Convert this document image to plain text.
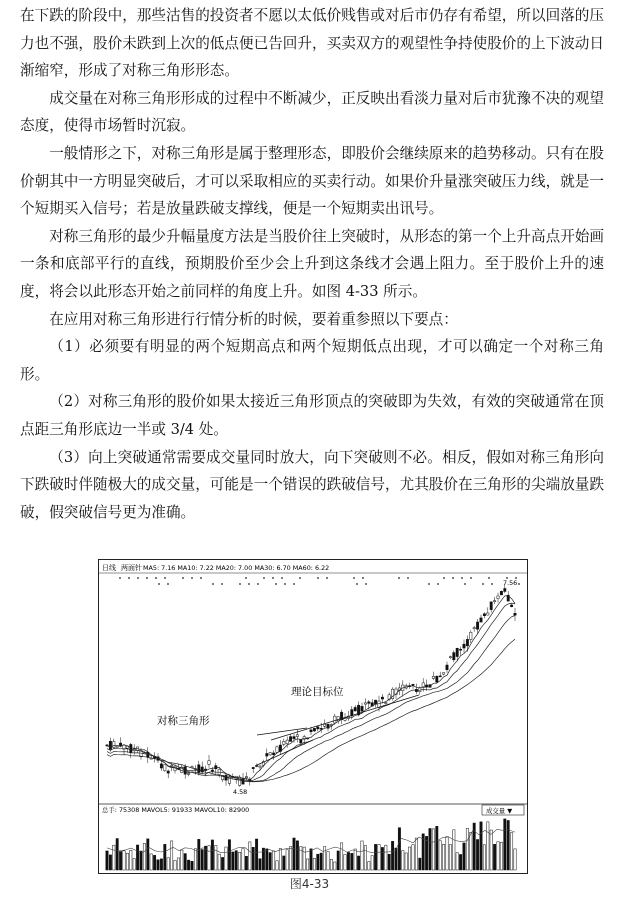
在下跌的阶段中，那些沽售的投资者不愿以太低价贱售或对后市仍存有希望，所以回落的压力也不强，股价未跌到上次的低点便已告回升，买卖双方的观望性争持使股价的上下波动日渐缩窄，形成了对称三角形形态。

成交量在对称三角形形成的过程中不断减少，正反映出看淡力量对后市犹豫不决的观望态度，使得市场暂时沉寂。

一般情形之下，对称三角形是属于整理形态，即股价会继续原来的趋势移动。只有在股价朝其中一方明显突破后，才可以采取相应的买卖行动。如果价升量涨突破压力线，就是一个短期买入信号；若是放量跌破支撑线，便是一个短期卖出讯号。

对称三角形的最少升幅量度方法是当股价往上突破时，从形态的第一个上升高点开始画一条和底部平行的直线，预期股价至少会上升到这条线才会遇上阻力。至于股价上升的速度，将会以此形态开始之前同样的角度上升。如图 4-33 所示。

在应用对称三角形进行行情分析的时候，要着重参照以下要点：

（1）必须要有明显的两个短期高点和两个短期低点出现，才可以确定一个对称三角形。

（2）对称三角形的股价如果太接近三角形顶点的突破即为失效，有效的突破通常在顶点距三角形底边一半或 3/4 处。

（3）向上突破通常需要成交量同时放大，向下突破则不必。相反，假如对称三角形向下跌破时伴随极大的成交量，可能是一个错误的跌破信号，尤其股价在三角形的尖端放量跌破，假突破信号更为准确。

日线 两面针 MA5: 7.16 MA10: 7.22 MA20: 7.00 MA30: 6.70 MA60: 6.22
理论目标位
对称三角形
7.56
4.58
总手: 75308 MAVOL5: 91933 MAVOL10: 82900	成交量 ▼
图4-33
